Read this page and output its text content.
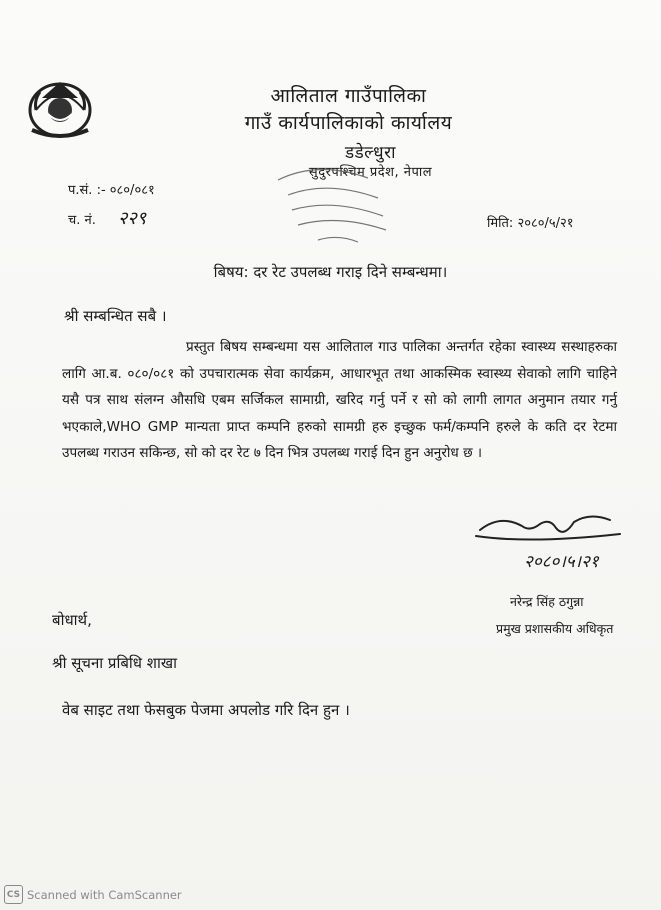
आलिताल गाउँपालिका
गाउँ कार्यपालिकाको कार्यालय
डडेल्धुरा
सुदुरपश्चिम प्रदेश, नेपाल
प.सं. :- ०८०/०८१
च. नं. २२९	मिति: २०८०/५/२१
बिषय: दर रेट उपलब्ध गराइ दिने सम्बन्धमा।
श्री सम्बन्धित सबै ।
प्रस्तुत बिषय सम्बन्धमा यस आलिताल गाउ पालिका अन्तर्गत रहेका स्वास्थ्य सस्थाहरुका लागि आ.ब. ०८०/०८१ को उपचारात्मक सेवा कार्यक्रम, आधारभूत तथा आकस्मिक स्वास्थ्य सेवाको लागि चाहिने यसै पत्र साथ संलग्न औसधि एबम सर्जिकल सामाग्री, खरिद गर्नु पर्ने र सो को लागी लागत अनुमान तयार गर्नु भएकाले,WHO GMP मान्यता प्राप्त कम्पनि हरुको सामग्री हरु इच्छुक फर्म/कम्पनि हरुले के कति दर रेटमा उपलब्ध गराउन सकिन्छ, सो को दर रेट ७ दिन भित्र उपलब्ध गराई दिन हुन अनुरोध छ ।
२०८०।५।२१
नरेन्द्र सिंह ठगुन्ना
प्रमुख प्रशासकीय अधिकृत
बोधार्थ,
श्री सूचना प्रबिधि शाखा
वेब साइट तथा फेसबुक पेजमा अपलोड गरि दिन हुन ।
CS Scanned with CamScanner
